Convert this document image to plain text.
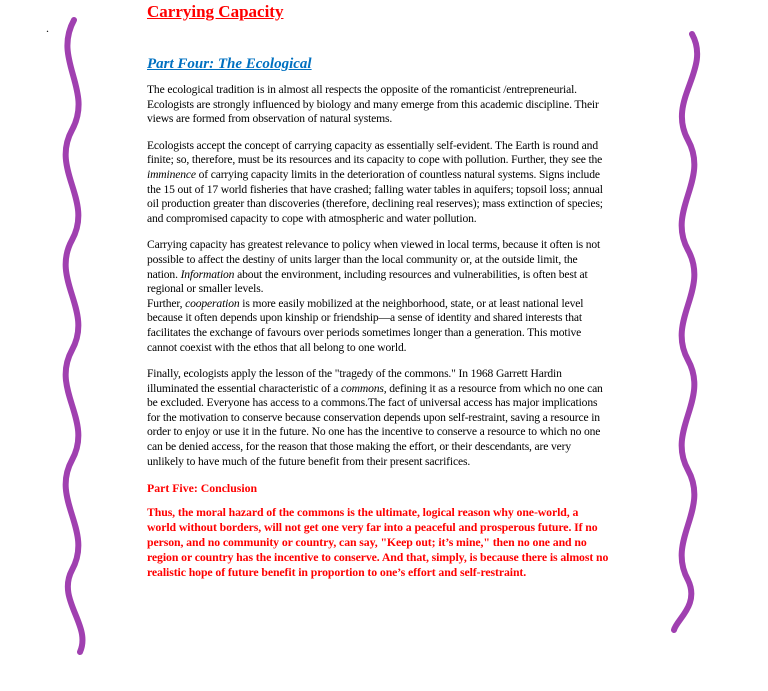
.
Carrying Capacity
Part Four: The Ecological

The ecological tradition is in almost all respects the opposite of the romanticist /entrepreneurial. Ecologists are strongly influenced by biology and many emerge from this academic discipline. Their views are formed from observation of natural systems.

Ecologists accept the concept of carrying capacity as essentially self-evident. The Earth is round and finite; so, therefore, must be its resources and its capacity to cope with pollution. Further, they see the imminence of carrying capacity limits in the deterioration of countless natural systems. Signs include the 15 out of 17 world fisheries that have crashed; falling water tables in aquifers; topsoil loss; annual oil production greater than discoveries (therefore, declining real reserves); mass extinction of species; and compromised capacity to cope with atmospheric and water pollution.

Carrying capacity has greatest relevance to policy when viewed in local terms, because it often is not possible to affect the destiny of units larger than the local community or, at the outside limit, the nation. Information about the environment, including resources and vulnerabilities, is often best at regional or smaller levels.

Further, cooperation is more easily mobilized at the neighborhood, state, or at least national level because it often depends upon kinship or friendship—a sense of identity and shared interests that facilitates the exchange of favours over periods sometimes longer than a generation. This motive cannot coexist with the ethos that all belong to one world.

Finally, ecologists apply the lesson of the "tragedy of the commons." In 1968 Garrett Hardin illuminated the essential characteristic of a commons, defining it as a resource from which no one can be excluded. Everyone has access to a commons.The fact of universal access has major implications for the motivation to conserve because conservation depends upon self-restraint, saving a resource in order to enjoy or use it in the future. No one has the incentive to conserve a resource to which no one can be denied access, for the reason that those making the effort, or their descendants, are very unlikely to have much of the future benefit from their present sacrifices.

Part Five: Conclusion

Thus, the moral hazard of the commons is the ultimate, logical reason why one-world, a world without borders, will not get one very far into a peaceful and prosperous future. If no person, and no community or country, can say, "Keep out; it’s mine," then no one and no region or country has the incentive to conserve. And that, simply, is because there is almost no realistic hope of future benefit in proportion to one’s effort and self-restraint.
